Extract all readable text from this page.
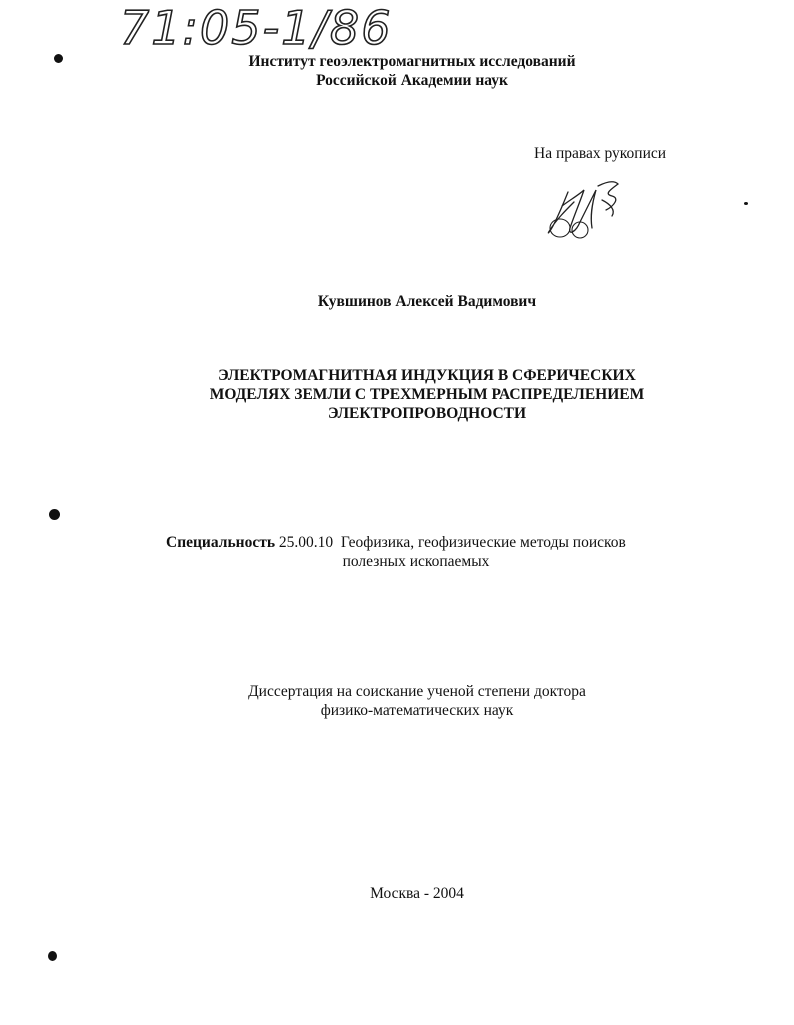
71:05-1/86
Институт геоэлектромагнитных исследований
Российской Академии наук
На правах рукописи
Кувшинов Алексей Вадимович
ЭЛЕКТРОМАГНИТНАЯ ИНДУКЦИЯ В СФЕРИЧЕСКИХ
МОДЕЛЯХ ЗЕМЛИ С ТРЕХМЕРНЫМ РАСПРЕДЕЛЕНИЕМ
ЭЛЕКТРОПРОВОДНОСТИ
Специальность 25.00.10 Геофизика, геофизические методы поисков
полезных ископаемых
Диссертация на соискание ученой степени доктора
физико-математических наук
Москва - 2004
